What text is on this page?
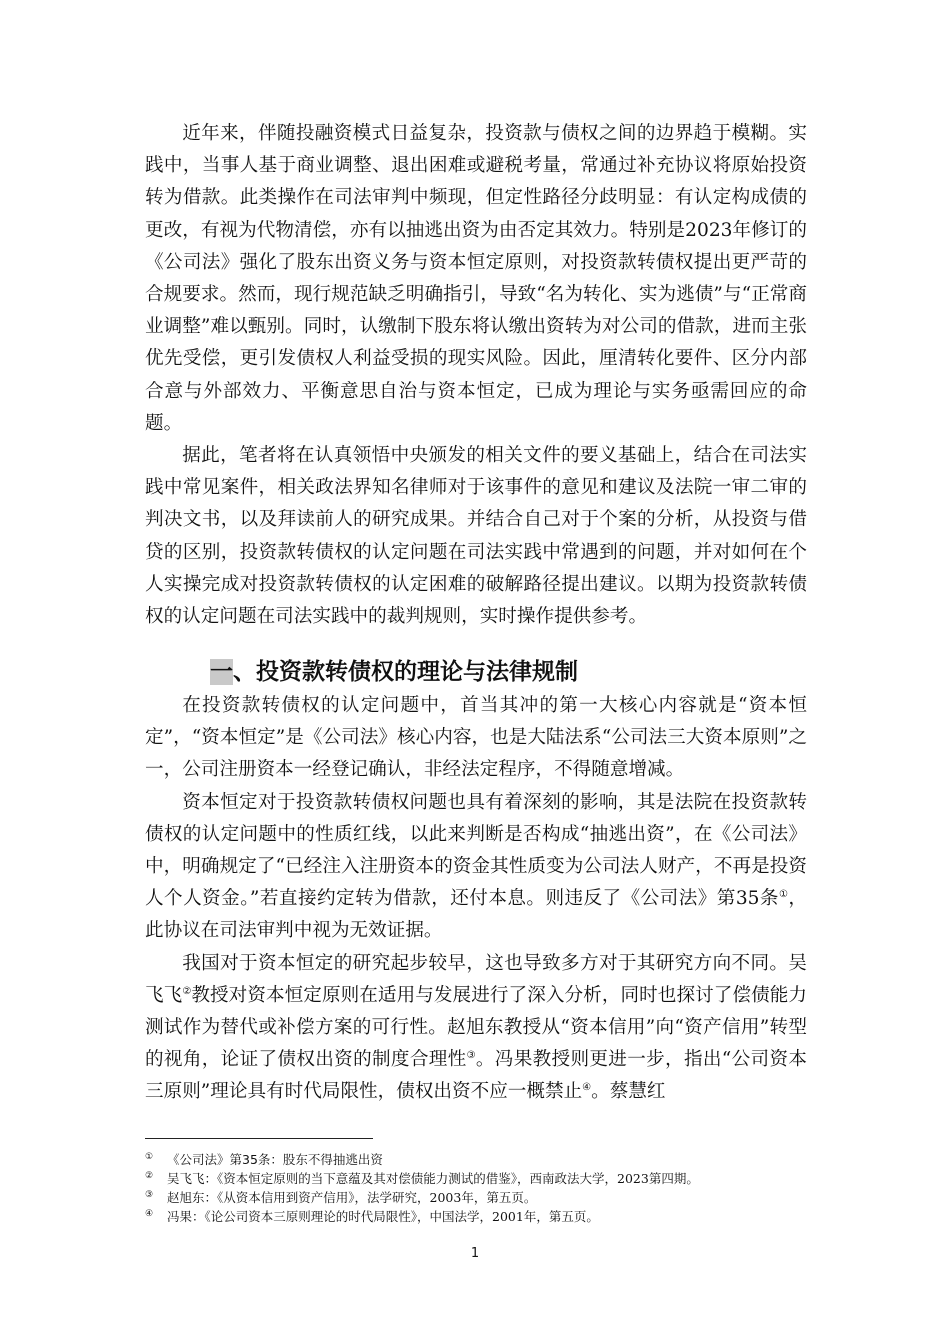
近年来，伴随投融资模式日益复杂，投资款与债权之间的边界趋于模糊。实践中，当事人基于商业调整、退出困难或避税考量，常通过补充协议将原始投资转为借款。此类操作在司法审判中频现，但定性路径分歧明显：有认定构成债的更改，有视为代物清偿，亦有以抽逃出资为由否定其效力。特别是2023年修订的《公司法》强化了股东出资义务与资本恒定原则，对投资款转债权提出更严苛的合规要求。然而，现行规范缺乏明确指引，导致“名为转化、实为逃债”与“正常商业调整”难以甄别。同时，认缴制下股东将认缴出资转为对公司的借款，进而主张优先受偿，更引发债权人利益受损的现实风险。因此，厘清转化要件、区分内部合意与外部效力、平衡意思自治与资本恒定，已成为理论与实务亟需回应的命题。

据此，笔者将在认真领悟中央颁发的相关文件的要义基础上，结合在司法实践中常见案件，相关政法界知名律师对于该事件的意见和建议及法院一审二审的判决文书，以及拜读前人的研究成果。并结合自己对于个案的分析，从投资与借贷的区别，投资款转债权的认定问题在司法实践中常遇到的问题，并对如何在个人实操完成对投资款转债权的认定困难的破解路径提出建议。以期为投资款转债权的认定问题在司法实践中的裁判规则，实时操作提供参考。

一、投资款转债权的理论与法律规制

在投资款转债权的认定问题中，首当其冲的第一大核心内容就是“资本恒定”，“资本恒定”是《公司法》核心内容，也是大陆法系“公司法三大资本原则”之一，公司注册资本一经登记确认，非经法定程序，不得随意增减。

资本恒定对于投资款转债权问题也具有着深刻的影响，其是法院在投资款转债权的认定问题中的性质红线，以此来判断是否构成“抽逃出资”，在《公司法》中，明确规定了“已经注入注册资本的资金其性质变为公司法人财产，不再是投资人个人资金。”若直接约定转为借款，还付本息。则违反了《公司法》第35条①，此协议在司法审判中视为无效证据。

我国对于资本恒定的研究起步较早，这也导致多方对于其研究方向不同。吴飞飞②教授对资本恒定原则在适用与发展进行了深入分析，同时也探讨了偿债能力测试作为替代或补偿方案的可行性。赵旭东教授从“资本信用”向“资产信用”转型的视角，论证了债权出资的制度合理性③。冯果教授则更进一步，指出“公司资本三原则”理论具有时代局限性，债权出资不应一概禁止④。蔡慧红

① 《公司法》第35条：股东不得抽逃出资
② 吴飞飞：《资本恒定原则的当下意蕴及其对偿债能力测试的借鉴》，西南政法大学，2023第四期。
③ 赵旭东：《从资本信用到资产信用》，法学研究，2003年，第五页。
④ 冯果：《论公司资本三原则理论的时代局限性》，中国法学，2001年，第五页。
1
